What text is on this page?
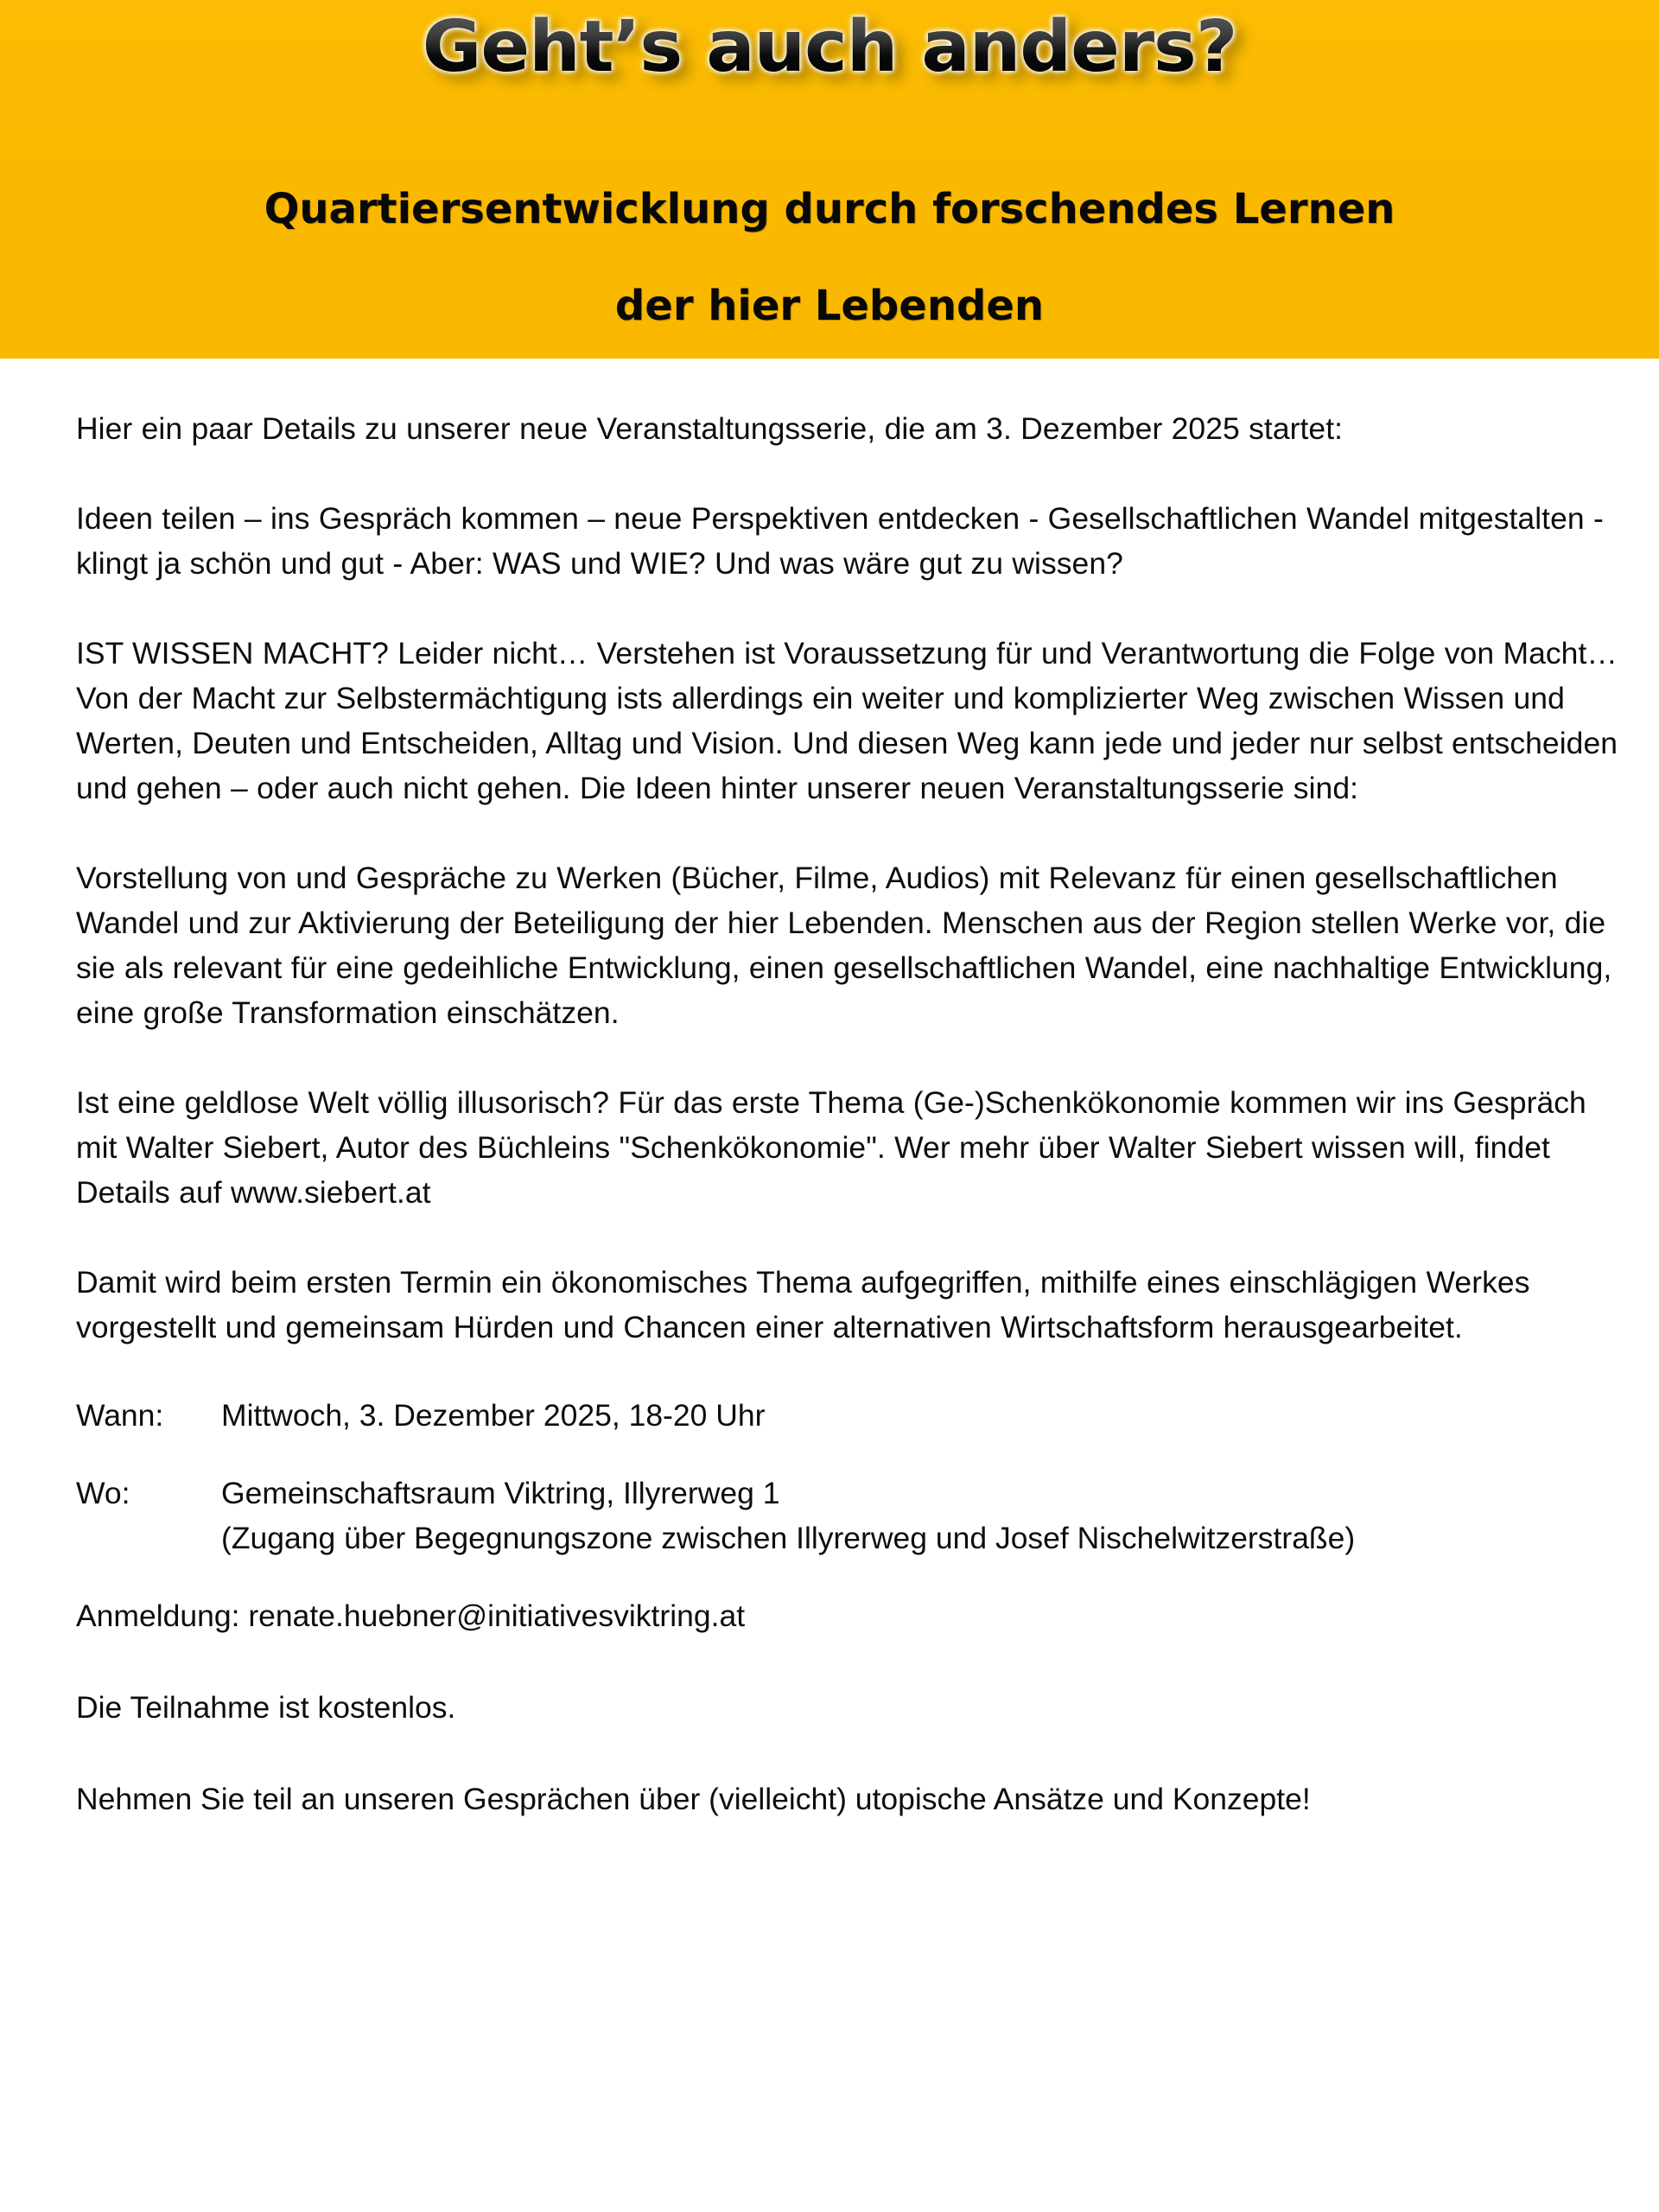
Geht’s auch anders?
Quartiersentwicklung durch forschendes Lernen
der hier Lebenden

Hier ein paar Details zu unserer neue Veranstaltungsserie, die am 3. Dezember 2025 startet:

Ideen teilen – ins Gespräch kommen – neue Perspektiven entdecken - Gesellschaftlichen Wandel mitgestalten - klingt ja schön und gut - Aber: WAS und WIE? Und was wäre gut zu wissen?

IST WISSEN MACHT? Leider nicht… Verstehen ist Voraussetzung für und Verantwortung die Folge von Macht… Von der Macht zur Selbstermächtigung ists allerdings ein weiter und komplizierter Weg zwischen Wissen und Werten, Deuten und Entscheiden, Alltag und Vision. Und diesen Weg kann jede und jeder nur selbst entscheiden und gehen – oder auch nicht gehen. Die Ideen hinter unserer neuen Veranstaltungsserie sind:

Vorstellung von und Gespräche zu Werken (Bücher, Filme, Audios) mit Relevanz für einen gesellschaftlichen Wandel und zur Aktivierung der Beteiligung der hier Lebenden. Menschen aus der Region stellen Werke vor, die sie als relevant für eine gedeihliche Entwicklung, einen gesellschaftlichen Wandel, eine nachhaltige Entwicklung, eine große Transformation einschätzen.

Ist eine geldlose Welt völlig illusorisch? Für das erste Thema (Ge-)Schenkökonomie kommen wir ins Gespräch mit Walter Siebert, Autor des Büchleins "Schenkökonomie". Wer mehr über Walter Siebert wissen will, findet Details auf www.siebert.at

Damit wird beim ersten Termin ein ökonomisches Thema aufgegriffen, mithilfe eines einschlägigen Werkes vorgestellt und gemeinsam Hürden und Chancen einer alternativen Wirtschaftsform herausgearbeitet.

Wann:	Mittwoch, 3. Dezember 2025, 18-20 Uhr
Wo:	Gemeinschaftsraum Viktring, Illyrerweg 1
(Zugang über Begegnungszone zwischen Illyrerweg und Josef Nischelwitzerstraße)

Anmeldung: renate.huebner@initiativesviktring.at

Die Teilnahme ist kostenlos.

Nehmen Sie teil an unseren Gesprächen über (vielleicht) utopische Ansätze und Konzepte!
